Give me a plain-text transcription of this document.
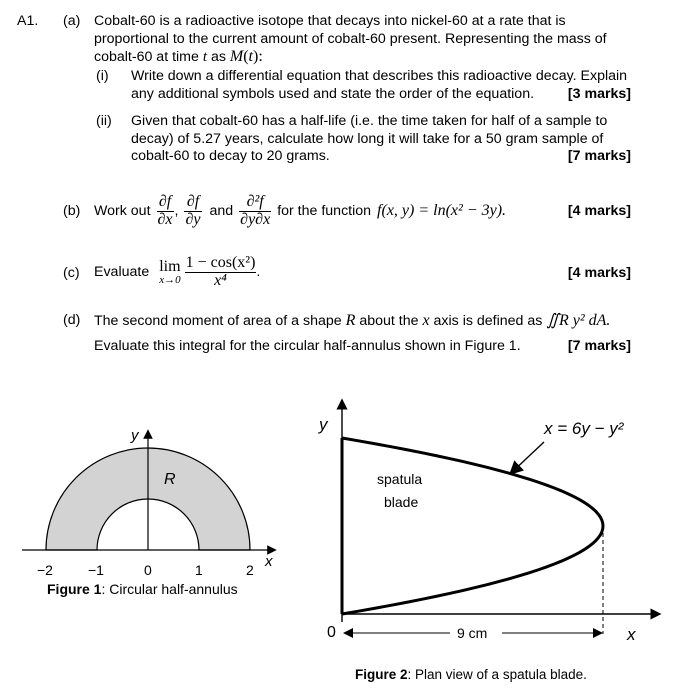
A1. (a) Cobalt-60 is a radioactive isotope that decays into nickel-60 at a rate that is
proportional to the current amount of cobalt-60 present. Representing the mass of
cobalt-60 at time t as M(t):
(i) Write down a differential equation that describes this radioactive decay. Explain
any additional symbols used and state the order of the equation. [3 marks]
(ii) Given that cobalt-60 has a half-life (i.e. the time taken for half of a sample to
decay) of 5.27 years, calculate how long it will take for a 50 gram sample of
cobalt-60 to decay to 20 grams.	[7 marks]
(b) Work out $\frac{\partial f}{\partial x}$ , $\frac{\partial f}{\partial y}$ and $\frac{\text{∂²f}}{\partial y\partial x}$ for the function f(x, y) = ln(x² − 3y).	[4 marks]
(c) Evaluate lim
$x\to 0 \frac{\text{1 − cos(x²)}}{\text{x⁴}}$ .	[4 marks]
(d) The second moment of area of a shape R about the x axis is defined as ∬R y² dA.
Evaluate this integral for the circular half-annulus shown in Figure 1.	[7 marks]
y
x
R
−2	−1	0	1	2
Figure 1: Circular half-annulus
y
x
0
x = 6y − y²
spatula
blade
9 cm
Figure 2: Plan view of a spatula blade.
